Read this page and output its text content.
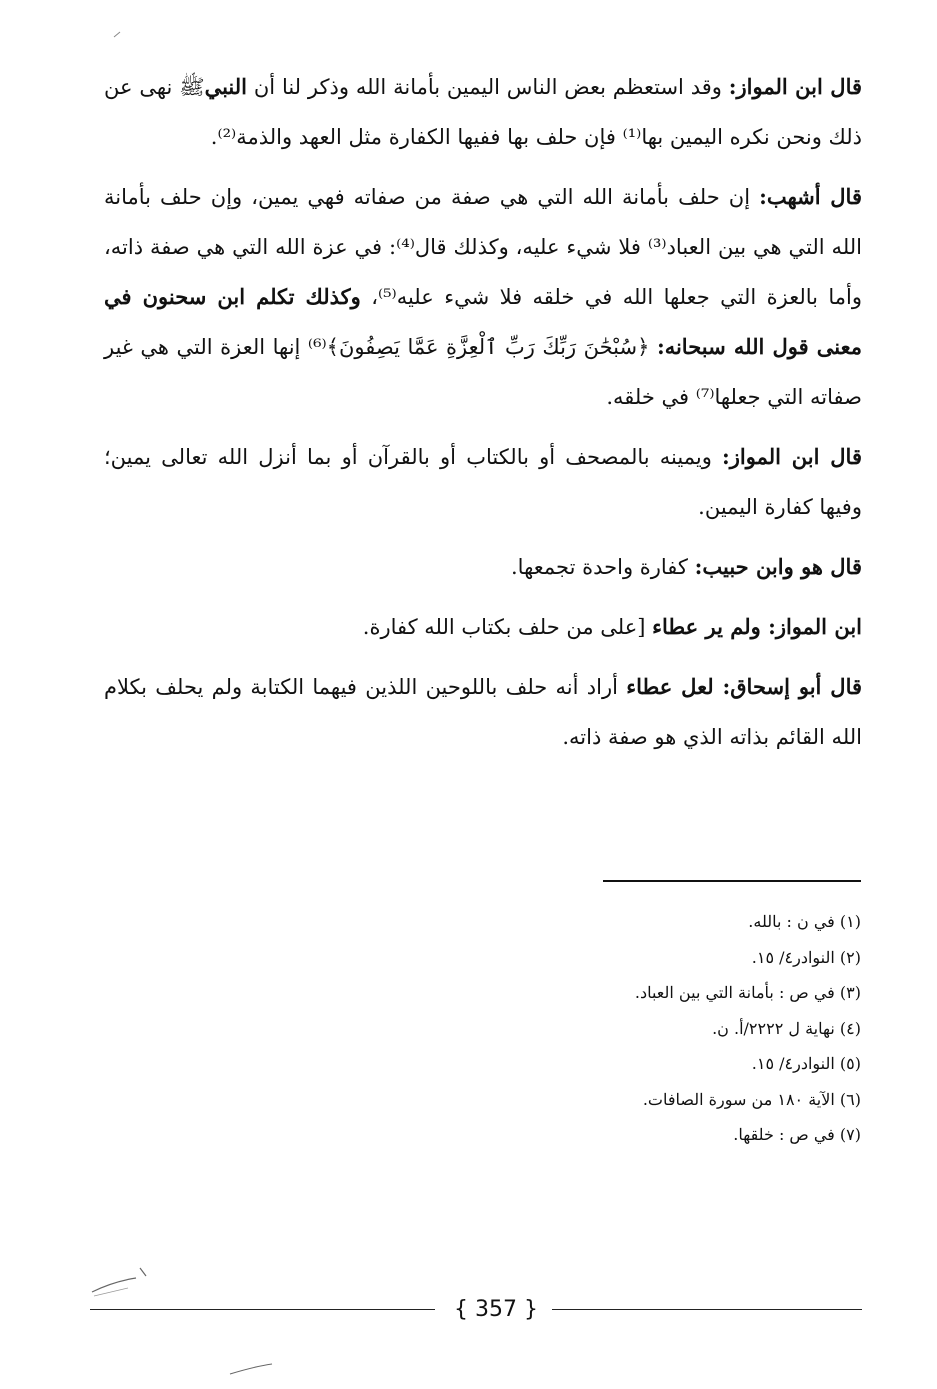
قال ابن المواز: وقد استعظم بعض الناس اليمين بأمانة الله وذكر لنا أن النبيﷺ نهى عن ذلك ونحن نكره اليمين بها⁽¹⁾ فإن حلف بها ففيها الكفارة مثل العهد والذمة⁽²⁾.

قال أشهب: إن حلف بأمانة الله التي هي صفة من صفاته فهي يمين، وإن حلف بأمانة الله التي هي بين العباد⁽³⁾ فلا شيء عليه، وكذلك قال⁽⁴⁾: في عزة الله التي هي صفة ذاته، وأما بالعزة التي جعلها الله في خلقه فلا شيء عليه⁽⁵⁾، وكذلك تكلم ابن سحنون في معنى قول الله سبحانه: ﴿سُبْحَٰنَ رَبِّكَ رَبِّ ٱلْعِزَّةِ عَمَّا يَصِفُونَ﴾⁽⁶⁾ إنها العزة التي هي غير صفاته التي جعلها⁽⁷⁾ في خلقه.

قال ابن المواز: ويمينه بالمصحف أو بالكتاب أو بالقرآن أو بما أنزل الله تعالى يمين؛ وفيها كفارة اليمين.

قال هو وابن حبيب: كفارة واحدة تجمعها.

ابن المواز: ولم ير عطاء [على من حلف بكتاب الله كفارة.

قال أبو إسحاق: لعل عطاء أراد أنه حلف باللوحين اللذين فيهما الكتابة ولم يحلف بكلام الله القائم بذاته الذي هو صفة ذاته.

(١) في ن : بالله.
(٢) النوادر٤/ ١٥.
(٣) في ص : بأمانة التي بين العباد.
(٤) نهاية ل ٢٢٢٢/أ. ن.
(٥) النوادر٤/ ١٥.
(٦) الآية ١٨٠ من سورة الصافات.
(٧) في ص : خلقها.
{ 357 }
